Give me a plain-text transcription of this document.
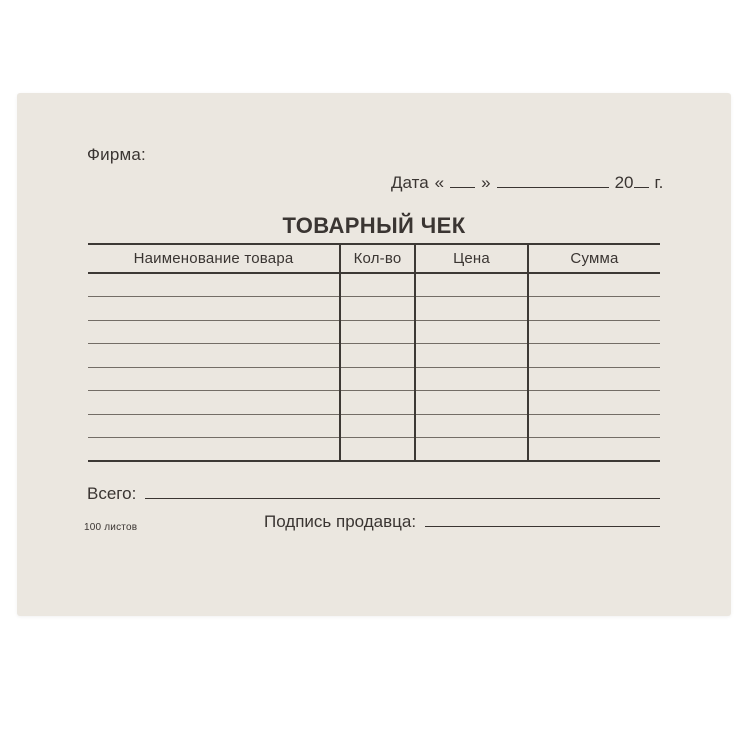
Фирма:
Дата « »	20 г.
ТОВАРНЫЙ ЧЕК
Наименование товара	Кол-во	Цена	Сумма

Всего:
Подпись продавца:
100 листов
